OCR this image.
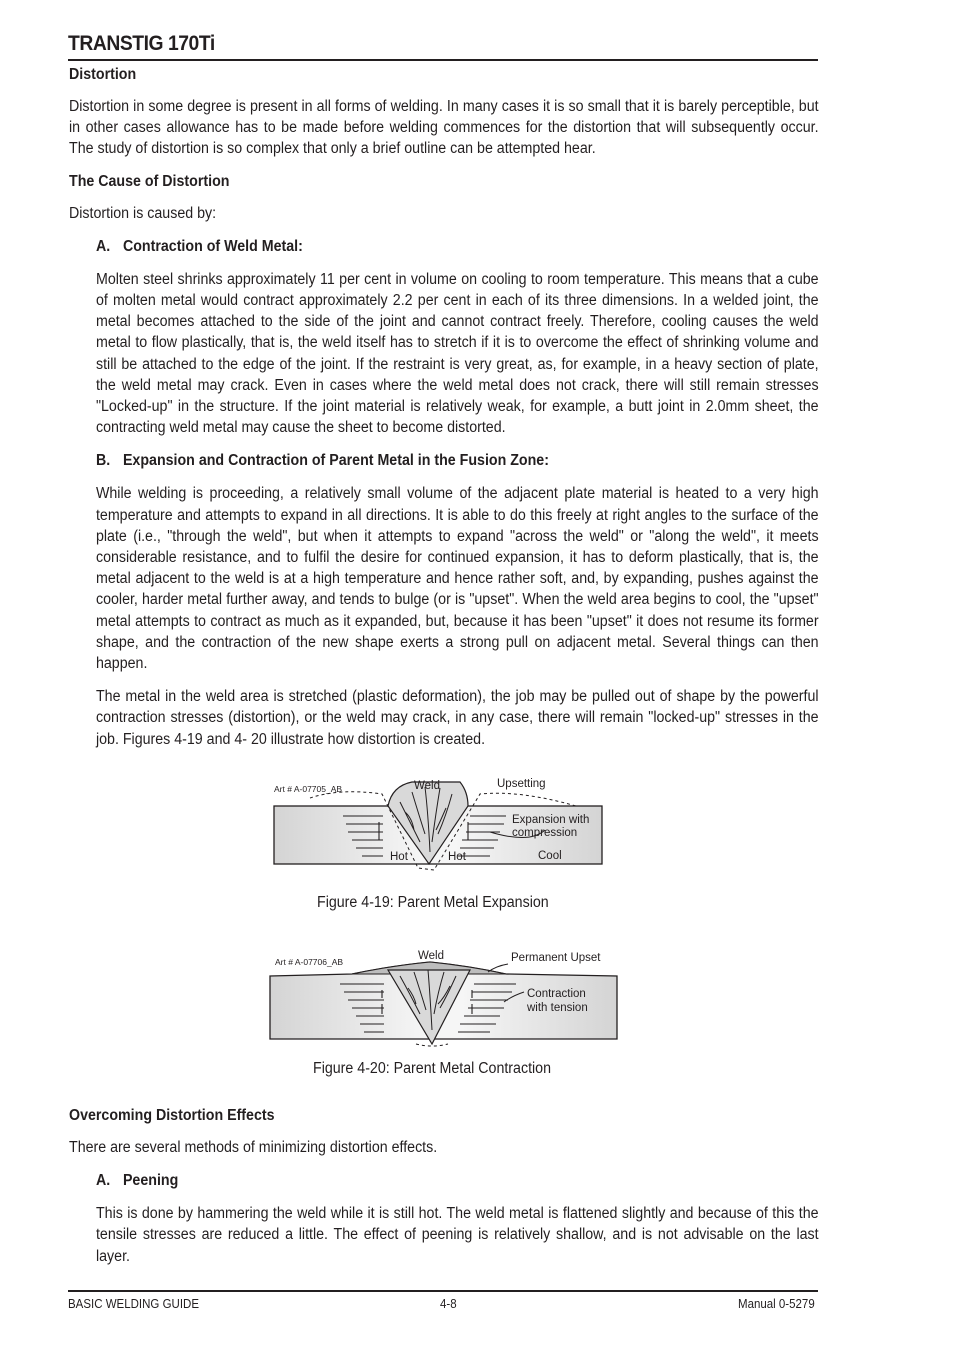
TRANSTIG 170Ti
Distortion

Distortion in some degree is present in all forms of welding. In many cases it is so small that it is barely perceptible, but in other cases allowance has to be made before welding commences for the distortion that will subsequently occur. The study of distortion is so complex that only a brief outline can be attempted hear.

The Cause of Distortion

Distortion is caused by:

A. Contraction of Weld Metal:

Molten steel shrinks approximately 11 per cent in volume on cooling to room temperature. This means that a cube of molten metal would contract approximately 2.2 per cent in each of its three dimensions. In a welded joint, the metal becomes attached to the side of the joint and cannot contract freely. Therefore, cooling causes the weld metal to flow plastically, that is, the weld itself has to stretch if it is to overcome the effect of shrinking volume and still be attached to the edge of the joint. If the restraint is very great, as, for example, in a heavy section of plate, the weld metal may crack. Even in cases where the weld metal does not crack, there will still remain stresses "Locked-up" in the structure. If the joint material is relatively weak, for example, a butt joint in 2.0mm sheet, the contracting weld metal may cause the sheet to become distorted.

B. Expansion and Contraction of Parent Metal in the Fusion Zone:

While welding is proceeding, a relatively small volume of the adjacent plate material is heated to a very high temperature and attempts to expand in all directions. It is able to do this freely at right angles to the surface of the plate (i.e., "through the weld", but when it attempts to expand "across the weld" or "along the weld", it meets considerable resistance, and to fulfil the desire for continued expansion, it has to deform plastically, that is, the metal adjacent to the weld is at a high temperature and hence rather soft, and, by expanding, pushes against the cooler, harder metal further away, and tends to bulge (or is "upset". When the weld area begins to cool, the "upset" metal attempts to contract as much as it expanded, but, because it has been "upset" it does not resume its former shape, and the contraction of the new shape exerts a strong pull on adjacent metal. Several things can then happen.

The metal in the weld area is stretched (plastic deformation), the job may be pulled out of shape by the powerful contraction stresses (distortion), or the weld may crack, in any case, there will remain "locked-up" stresses in the job. Figures 4-19 and 4- 20 illustrate how distortion is created.

Art # A-07705_AB	Weld	Upsetting
Expansion with
compression
Hot	Hot	Cool
Figure 4-19: Parent Metal Expansion
Art # A-07706_AB	Weld	Permanent Upset
Contraction
with tension
Figure 4-20: Parent Metal Contraction
Overcoming Distortion Effects

There are several methods of minimizing distortion effects.

A. Peening

This is done by hammering the weld while it is still hot. The weld metal is flattened slightly and because of this the tensile stresses are reduced a little. The effect of peening is relatively shallow, and is not advisable on the last layer.

BASIC WELDING GUIDE	4-8	Manual 0-5279
